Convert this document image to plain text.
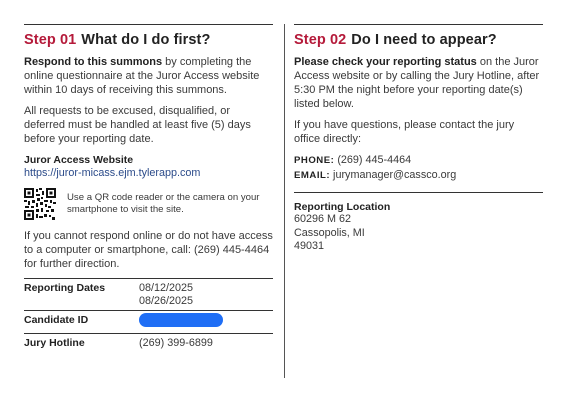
Step 01 What do I do first?

Respond to this summons by completing the online questionnaire at the Juror Access website within 10 days of receiving this summons.

All requests to be excused, disqualified, or deferred must be handled at least five (5) days before your reporting date.

Juror Access Website
https://juror-micass.ejm.tylerapp.com
Use a QR code reader or the camera on your smartphone to visit the site.

If you cannot respond online or do not have access to a computer or smartphone, call: (269) 445-4464 for further direction.

Reporting Dates	08/12/2025
08/26/2025
Candidate ID
Jury Hotline	(269) 399-6899
Step 02 Do I need to appear?

Please check your reporting status on the Juror Access website or by calling the Jury Hotline, after 5:30 PM the night before your reporting date(s) listed below.

If you have questions, please contact the jury office directly:

PHONE: (269) 445-4464
EMAIL: jurymanager@cassco.org
Reporting Location
60296 M 62
Cassopolis, MI
49031
